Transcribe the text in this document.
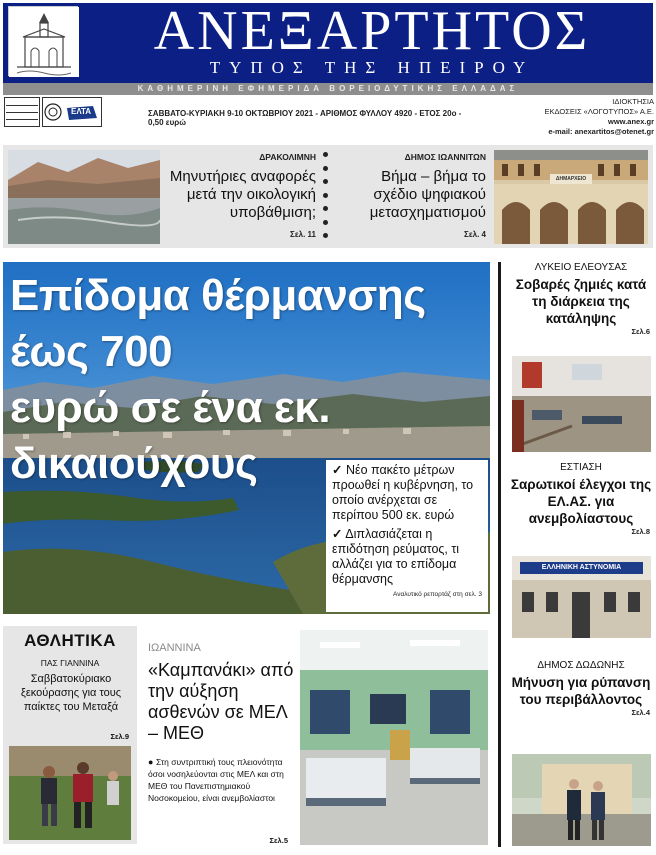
ΑΝΕΞΑΡΤΗΤΟΣ
ΤΥΠΟΣ ΤΗΣ ΗΠΕΙΡΟΥ
ΚΑΘΗΜΕΡΙΝΗ ΕΦΗΜΕΡΙΔΑ ΒΟΡΕΙΟΔΥΤΙΚΗΣ ΕΛΛΑΔΑΣ
ΕΛΤΑ	ΣΑΒΒΑΤΟ-ΚΥΡΙΑΚΗ 9-10 ΟΚΤΩΒΡΙΟΥ 2021 - ΑΡΙΘΜΟΣ ΦΥΛΛΟΥ 4920 - ΕΤΟΣ 20ο - 0,50 ευρώ
ΙΔΙΟΚΤΗΣΙΑ
ΕΚΔΟΣΕΙΣ «ΛΟΓΟΤΥΠΟΣ» Α.Ε.
www.anex.gr
e-mail: anexartitos@otenet.gr
ΔΡΑΚΟΛΙΜΝΗ
Μηνυτήριες αναφορές μετά την οικολογική υποβάθμιση;
Σελ. 11
ΔΗΜΟΣ ΙΩΑΝΝΙΤΩΝ
Βήμα – βήμα το σχέδιο ψηφιακού μετασχηματισμού
Σελ. 4
ΔΗΜΑΡΧΕΙΟ
Επίδομα θέρμανσης έως 700
ευρώ σε ένα εκ. δικαιούχους	✓ Νέο πακέτο μέτρων προωθεί η κυβέρνηση, το οποίο ανέρχεται σε περίπου 500 εκ. ευρώ
✓ Διπλασιάζεται η επιδότηση ρεύματος, τι αλλάζει για το επίδομα θέρμανσης
Αναλυτικό ρεπορτάζ στη σελ. 3
ΛΥΚΕΙΟ ΕΛΕΟΥΣΑΣ
Σοβαρές ζημιές κατά τη διάρκεια της κατάληψης
Σελ.6
ΕΣΤΙΑΣΗ
Σαρωτικοί έλεγχοι της ΕΛ.ΑΣ. για ανεμβολίαστους
Σελ.8
ΕΛΛΗΝΙΚΗ ΑΣΤΥΝΟΜΙΑ
ΔΗΜΟΣ ΔΩΔΩΝΗΣ
Μήνυση για ρύπανση του περιβάλλοντος
Σελ.4
ΑΘΛΗΤΙΚΑ
ΠΑΣ ΓΙΑΝΝΙΝΑ
Σαββατοκύριακο ξεκούρασης για τους παίκτες του Μεταξά
Σελ.9
ΙΩΑΝΝΙΝΑ
«Καμπανάκι» από την αύξηση ασθενών σε ΜΕΛ – ΜΕΘ
● Στη συντριπτική τους πλειονότητα όσοι νοσηλεύονται στις ΜΕΛ και στη ΜΕΘ του Πανεπιστημιακού Νοσοκομείου, είναι ανεμβολίαστοι
Σελ.5
